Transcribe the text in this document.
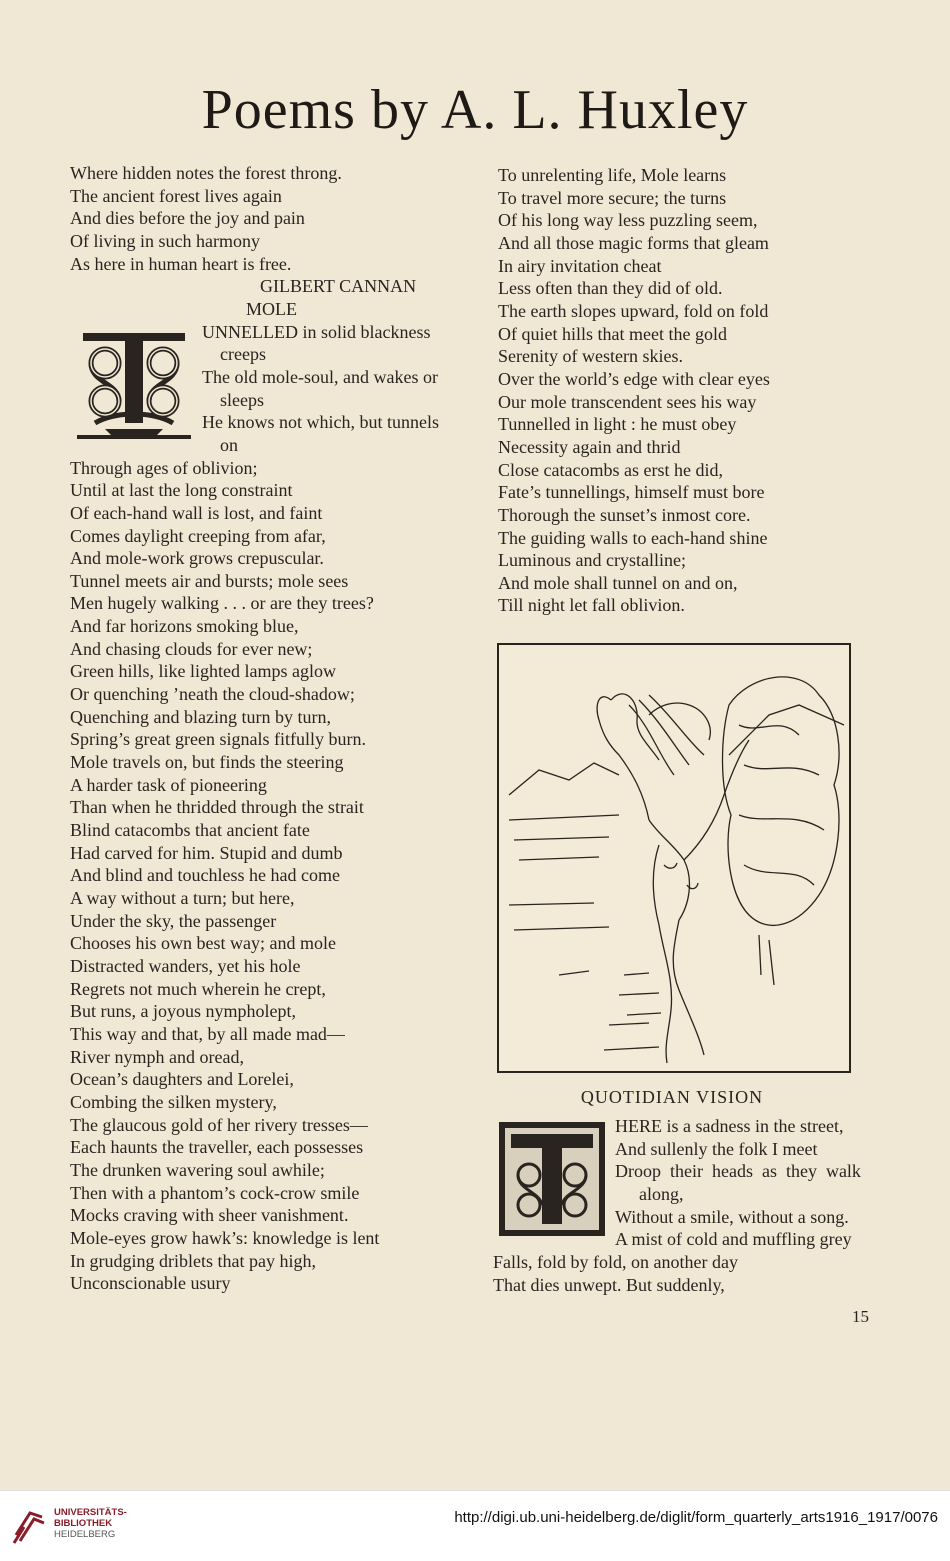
Poems by A. L. Huxley
Where hidden notes the forest throng.
The ancient forest lives again
And dies before the joy and pain
Of living in such harmony
As here in human heart is free.
GILBERT CANNAN
MOLE
UNNELLED in solid blackness
creeps
The old mole-soul, and wakes or
sleeps
He knows not which, but tunnels
on
Through ages of oblivion;
Until at last the long constraint
Of each-hand wall is lost, and faint
Comes daylight creeping from afar,
And mole-work grows crepuscular.
Tunnel meets air and bursts; mole sees
Men hugely walking . . . or are they trees?
And far horizons smoking blue,
And chasing clouds for ever new;
Green hills, like lighted lamps aglow
Or quenching ’neath the cloud-shadow;
Quenching and blazing turn by turn,
Spring’s great green signals fitfully burn.
Mole travels on, but finds the steering
A harder task of pioneering
Than when he thridded through the strait
Blind catacombs that ancient fate
Had carved for him. Stupid and dumb
And blind and touchless he had come
A way without a turn; but here,
Under the sky, the passenger
Chooses his own best way; and mole
Distracted wanders, yet his hole
Regrets not much wherein he crept,
But runs, a joyous nympholept,
This way and that, by all made mad—
River nymph and oread,
Ocean’s daughters and Lorelei,
Combing the silken mystery,
The glaucous gold of her rivery tresses—
Each haunts the traveller, each possesses
The drunken wavering soul awhile;
Then with a phantom’s cock-crow smile
Mocks craving with sheer vanishment.
Mole-eyes grow hawk’s: knowledge is lent
In grudging driblets that pay high,
Unconscionable usury
To unrelenting life, Mole learns
To travel more secure; the turns
Of his long way less puzzling seem,
And all those magic forms that gleam
In airy invitation cheat
Less often than they did of old.
The earth slopes upward, fold on fold
Of quiet hills that meet the gold
Serenity of western skies.
Over the world’s edge with clear eyes
Our mole transcendent sees his way
Tunnelled in light : he must obey
Necessity again and thrid
Close catacombs as erst he did,
Fate’s tunnellings, himself must bore
Thorough the sunset’s inmost core.
The guiding walls to each-hand shine
Luminous and crystalline;
And mole shall tunnel on and on,
Till night let fall oblivion.
QUOTIDIAN VISION
HERE is a sadness in the street,
And sullenly the folk I meet
Droop  their  heads  as  they  walk
along,
Without a smile, without a song.
A mist of cold and muffling grey
Falls, fold by fold, on another day
That dies unwept. But suddenly,
15
UNIVERSITÄTS-
BIBLIOTHEK
HEIDELBERG
http://digi.ub.uni-heidelberg.de/diglit/form_quarterly_arts1916_1917/0076
